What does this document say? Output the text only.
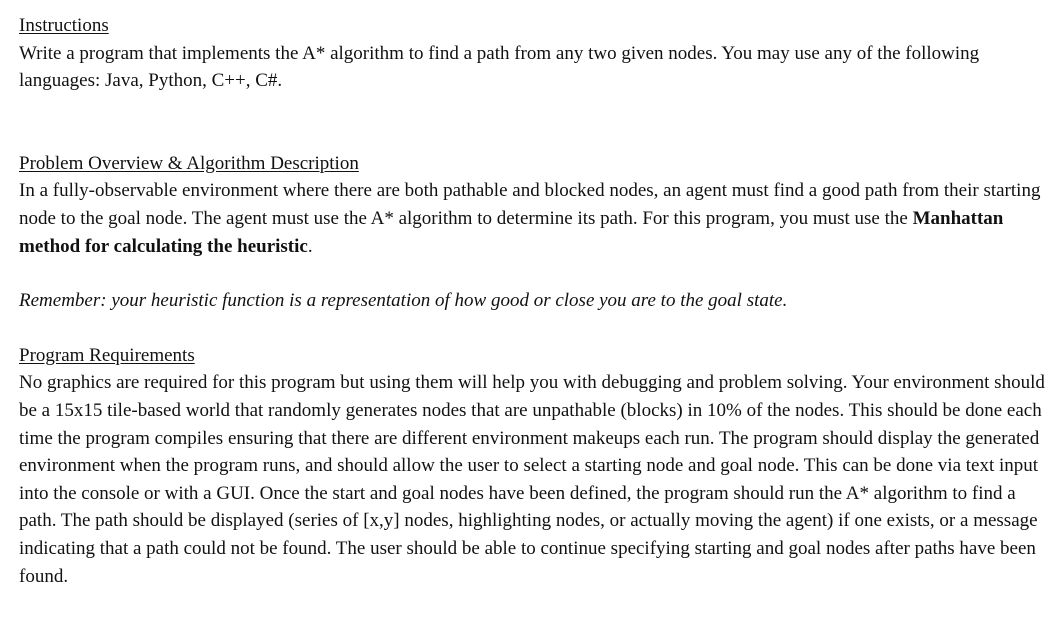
Instructions

Write a program that implements the A* algorithm to find a path from any two given nodes. You may use any of the following languages: Java, Python, C++, C#.

Problem Overview & Algorithm Description

In a fully-observable environment where there are both pathable and blocked nodes, an agent must find a good path from their starting node to the goal node. The agent must use the A* algorithm to determine its path. For this program, you must use the Manhattan method for calculating the heuristic.

Remember: your heuristic function is a representation of how good or close you are to the goal state.

Program Requirements

No graphics are required for this program but using them will help you with debugging and problem solving. Your environment should be a 15x15 tile-based world that randomly generates nodes that are unpathable (blocks) in 10% of the nodes. This should be done each time the program compiles ensuring that there are different environment makeups each run. The program should display the generated environment when the program runs, and should allow the user to select a starting node and goal node. This can be done via text input into the console or with a GUI. Once the start and goal nodes have been defined, the program should run the A* algorithm to find a path. The path should be displayed (series of [x,y] nodes, highlighting nodes, or actually moving the agent) if one exists, or a message indicating that a path could not be found. The user should be able to continue specifying starting and goal nodes after paths have been found.
